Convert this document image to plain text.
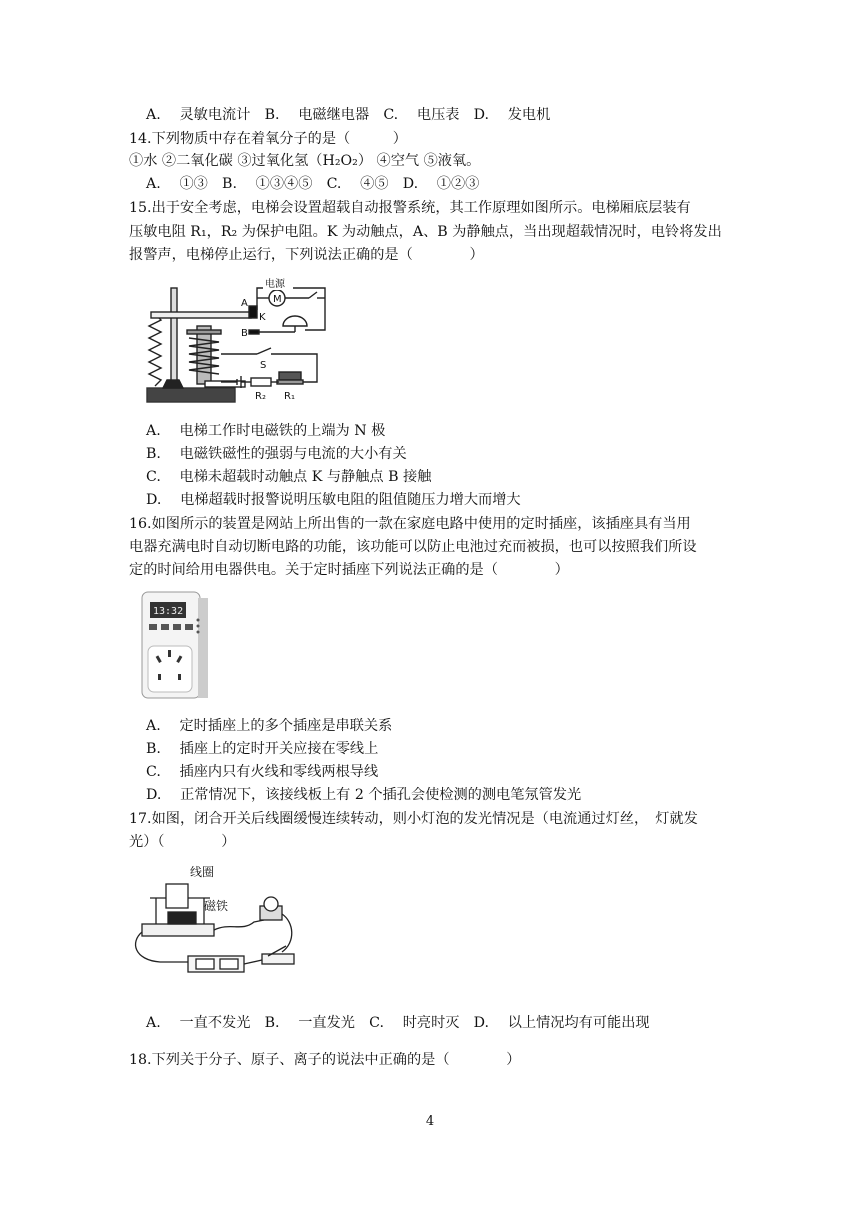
A.　 灵敏电流计　B.　 电磁继电器　C.　 电压表　D.　 发电机
14.下列物质中存在着氧分子的是（　　　）
①水 ②二氧化碳 ③过氧化氢（H₂O₂） ④空气 ⑤液氧。
A.　 ①③　B.　 ①③④⑤　C.　 ④⑤　D.　 ①②③
15.出于安全考虑，电梯会设置超载自动报警系统，其工作原理如图所示。电梯厢底层装有
压敏电阻 R₁，R₂ 为保护电阻。K 为动触点，A、B 为静触点，当出现超载情况时，电铃将发出
报警声，电梯停止运行，下列说法正确的是（　　　　）
电源
A
K
B
M
S
R₂ R₁
A.　 电梯工作时电磁铁的上端为 N 极
B.　 电磁铁磁性的强弱与电流的大小有关
C.　 电梯未超载时动触点 K 与静触点 B 接触
D.　 电梯超载时报警说明压敏电阻的阻值随压力增大而增大
16.如图所示的装置是网站上所出售的一款在家庭电路中使用的定时插座，该插座具有当用
电器充满电时自动切断电路的功能，该功能可以防止电池过充而被损，也可以按照我们所设
定的时间给用电器供电。关于定时插座下列说法正确的是（　　　　）
13:32
A.　 定时插座上的多个插座是串联关系
B.　 插座上的定时开关应接在零线上
C.　 插座内只有火线和零线两根导线
D.　 正常情况下，该接线板上有 2 个插孔会使检测的测电笔氖管发光
17.如图，闭合开关后线圈缓慢连续转动，则小灯泡的发光情况是（电流通过灯丝，　灯就发
光）（　　　　）
线圈
磁铁
A.　 一直不发光　B.　 一直发光　C.　 时亮时灭　D.　 以上情况均有可能出现
18.下列关于分子、原子、离子的说法中正确的是（　　　　）
4
